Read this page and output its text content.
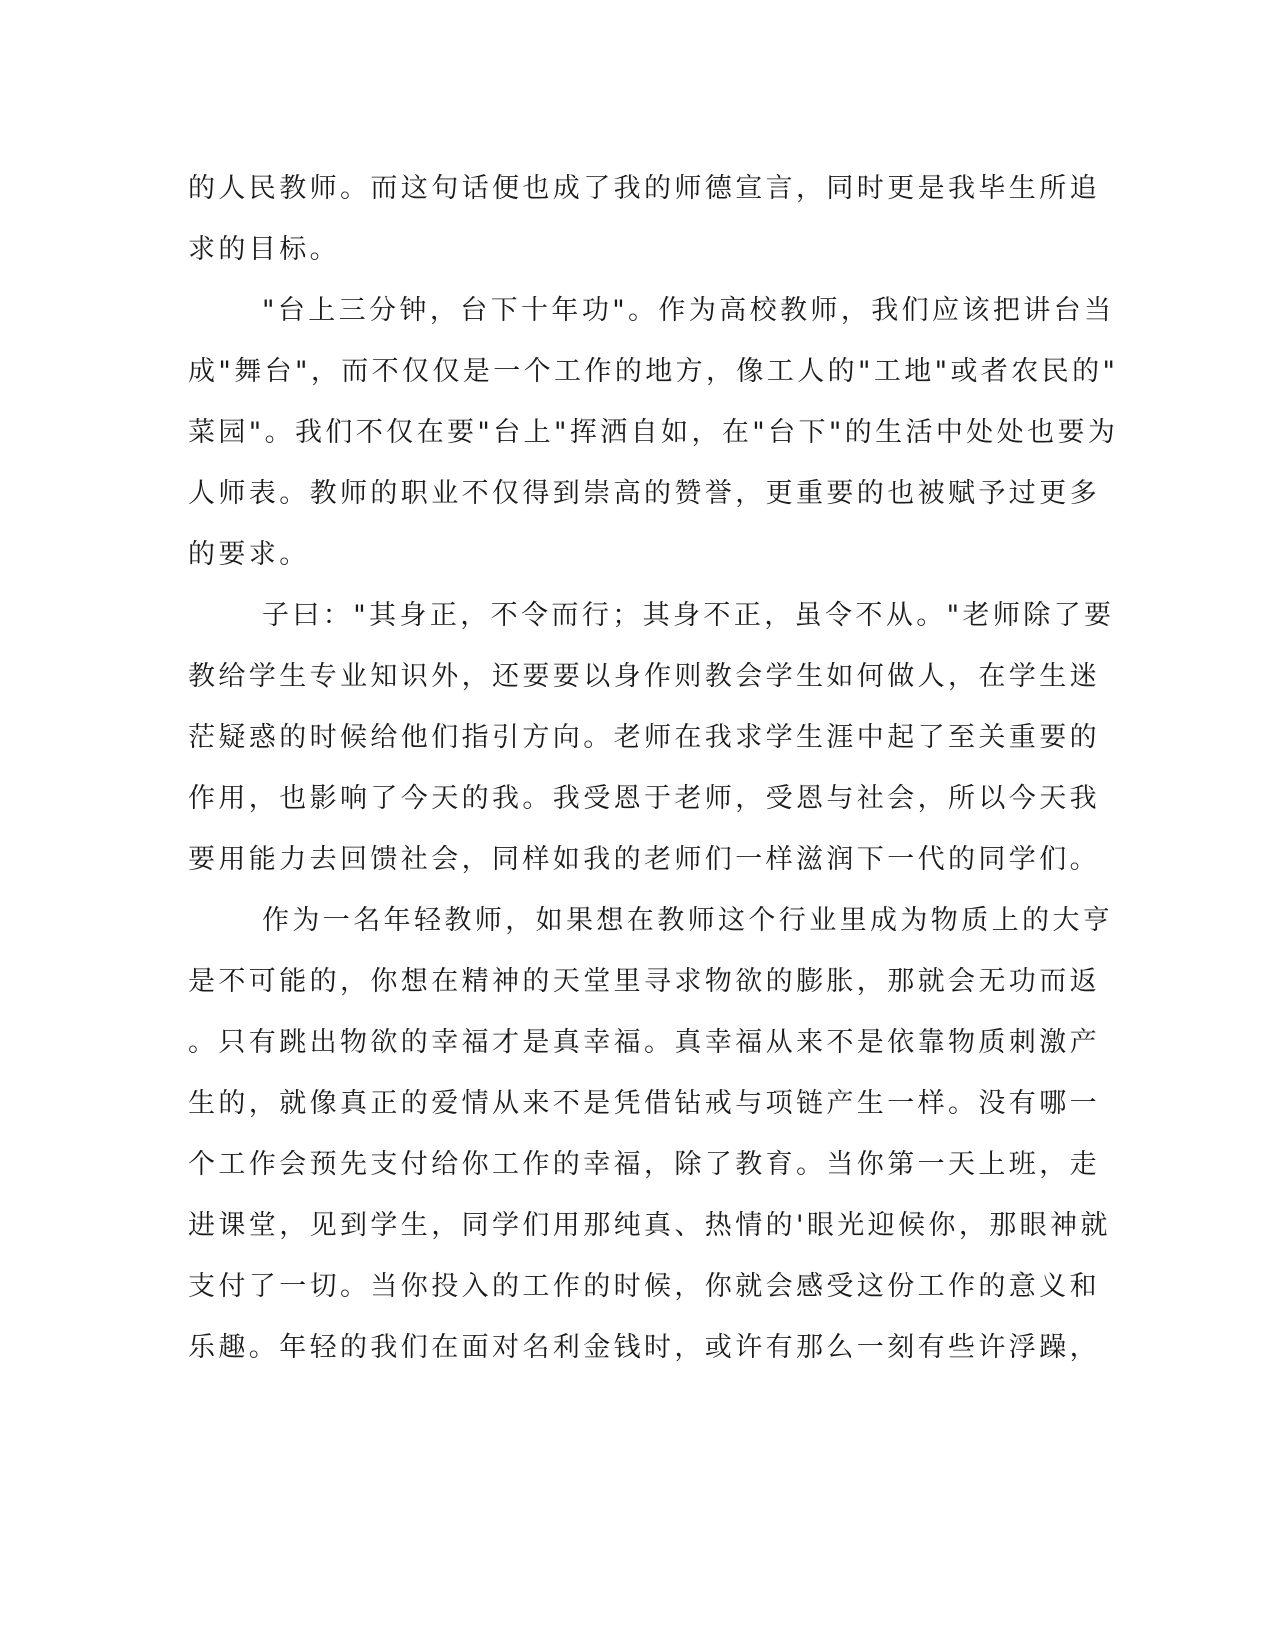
的人民教师。而这句话便也成了我的师德宣言，同时更是我毕生所追
求的目标。
"台上三分钟，台下十年功"。作为高校教师，我们应该把讲台当
成"舞台"，而不仅仅是一个工作的地方，像工人的"工地"或者农民的"
菜园"。我们不仅在要"台上"挥洒自如，在"台下"的生活中处处也要为
人师表。教师的职业不仅得到崇高的赞誉，更重要的也被赋予过更多
的要求。
子曰："其身正，不令而行；其身不正，虽令不从。"老师除了要
教给学生专业知识外，还要要以身作则教会学生如何做人，在学生迷
茫疑惑的时候给他们指引方向。老师在我求学生涯中起了至关重要的
作用，也影响了今天的我。我受恩于老师，受恩与社会，所以今天我
要用能力去回馈社会，同样如我的老师们一样滋润下一代的同学们。
作为一名年轻教师，如果想在教师这个行业里成为物质上的大亨
是不可能的，你想在精神的天堂里寻求物欲的膨胀，那就会无功而返
。只有跳出物欲的幸福才是真幸福。真幸福从来不是依靠物质刺激产
生的，就像真正的爱情从来不是凭借钻戒与项链产生一样。没有哪一
个工作会预先支付给你工作的幸福，除了教育。当你第一天上班，走
进课堂，见到学生，同学们用那纯真、热情的'眼光迎候你，那眼神就
支付了一切。当你投入的工作的时候，你就会感受这份工作的意义和
乐趣。年轻的我们在面对名利金钱时，或许有那么一刻有些许浮躁，
